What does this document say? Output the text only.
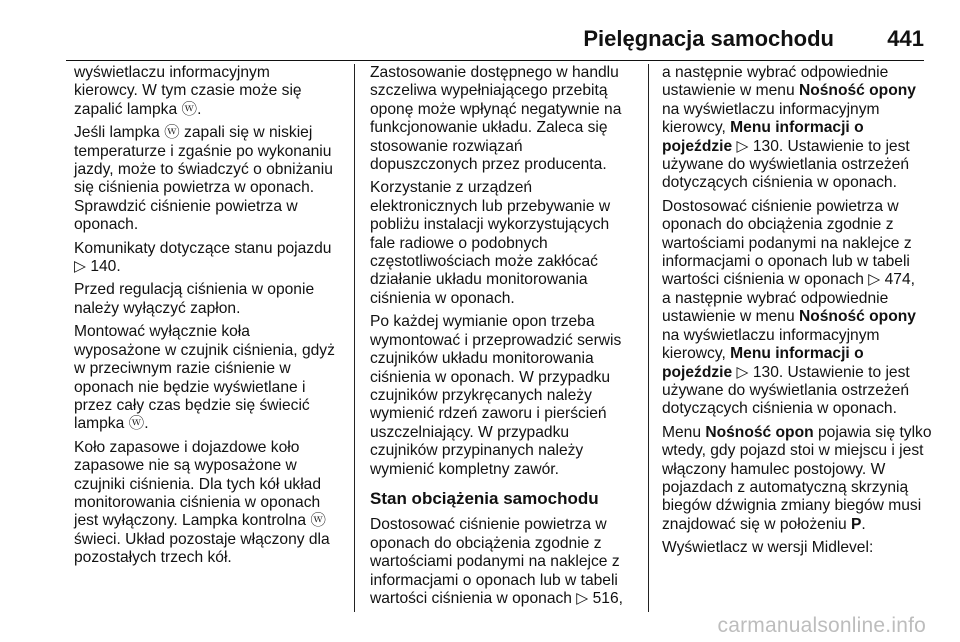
Pielęgnacja samochodu 441
wyświetlaczu informacyjnym
kierowcy. W tym czasie może się
zapalić lampka ⓦ.
Jeśli lampka ⓦ zapali się w niskiej
temperaturze i zgaśnie po wykonaniu
jazdy, może to świadczyć o obniżaniu
się ciśnienia powietrza w oponach.
Sprawdzić ciśnienie powietrza w
oponach.
Komunikaty dotyczące stanu pojazdu
▷ 140.
Przed regulacją ciśnienia w oponie
należy wyłączyć zapłon.
Montować wyłącznie koła
wyposażone w czujnik ciśnienia, gdyż
w przeciwnym razie ciśnienie w
oponach nie będzie wyświetlane i
przez cały czas będzie się świecić
lampka ⓦ.
Koło zapasowe i dojazdowe koło
zapasowe nie są wyposażone w
czujniki ciśnienia. Dla tych kół układ
monitorowania ciśnienia w oponach
jest wyłączony. Lampka kontrolna ⓦ
świeci. Układ pozostaje włączony dla
pozostałych trzech kół.
Zastosowanie dostępnego w handlu
szczeliwa wypełniającego przebitą
oponę może wpłynąć negatywnie na
funkcjonowanie układu. Zaleca się
stosowanie rozwiązań
dopuszczonych przez producenta.
Korzystanie z urządzeń
elektronicznych lub przebywanie w
pobliżu instalacji wykorzystujących
fale radiowe o podobnych
częstotliwościach może zakłócać
działanie układu monitorowania
ciśnienia w oponach.
Po każdej wymianie opon trzeba
wymontować i przeprowadzić serwis
czujników układu monitorowania
ciśnienia w oponach. W przypadku
czujników przykręcanych należy
wymienić rdzeń zaworu i pierścień
uszczelniający. W przypadku
czujników przypinanych należy
wymienić kompletny zawór.
Stan obciążenia samochodu
Dostosować ciśnienie powietrza w
oponach do obciążenia zgodnie z
wartościami podanymi na naklejce z
informacjami o oponach lub w tabeli
wartości ciśnienia w oponach ▷ 516,
a następnie wybrać odpowiednie
ustawienie w menu Nośność opony
na wyświetlaczu informacyjnym
kierowcy, Menu informacji o
pojeździe ▷ 130. Ustawienie to jest
używane do wyświetlania ostrzeżeń
dotyczących ciśnienia w oponach.
Dostosować ciśnienie powietrza w
oponach do obciążenia zgodnie z
wartościami podanymi na naklejce z
informacjami o oponach lub w tabeli
wartości ciśnienia w oponach ▷ 474,
a następnie wybrać odpowiednie
ustawienie w menu Nośność opony
na wyświetlaczu informacyjnym
kierowcy, Menu informacji o
pojeździe ▷ 130. Ustawienie to jest
używane do wyświetlania ostrzeżeń
dotyczących ciśnienia w oponach.
Menu Nośność opon pojawia się tylko
wtedy, gdy pojazd stoi w miejscu i jest
włączony hamulec postojowy. W
pojazdach z automatyczną skrzynią
biegów dźwignia zmiany biegów musi
znajdować się w położeniu P.
Wyświetlacz w wersji Midlevel:
carmanualsonline.info
